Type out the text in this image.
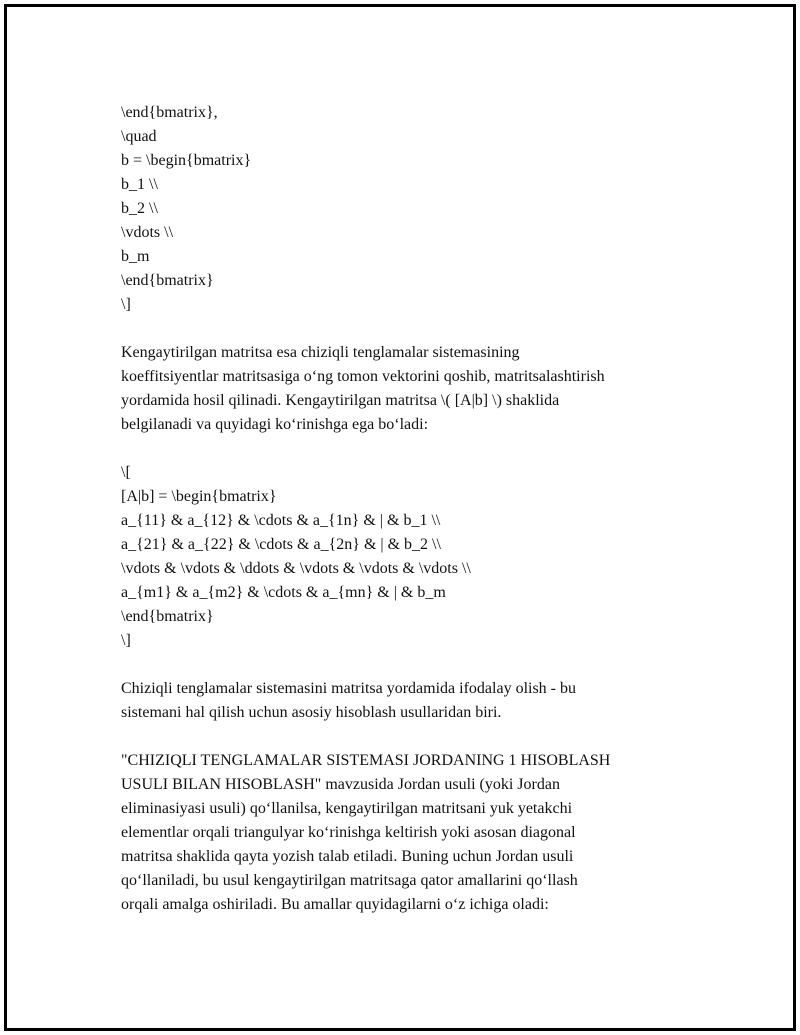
\end{bmatrix},
\quad
b = \begin{bmatrix}
b_1 \\
b_2 \\
\vdots \\
b_m
\end{bmatrix}
\]
Kengaytirilgan matritsa esa chiziqli tenglamalar sistemasining
koeffitsiyentlar matritsasiga oʻng tomon vektorini qoshib, matritsalashtirish
yordamida hosil qilinadi. Kengaytirilgan matritsa \( [A|b] \) shaklida
belgilanadi va quyidagi koʻrinishga ega boʻladi:
\[
[A|b] = \begin{bmatrix}
a_{11} & a_{12} & \cdots & a_{1n} & | & b_1 \\
a_{21} & a_{22} & \cdots & a_{2n} & | & b_2 \\
\vdots & \vdots & \ddots & \vdots & \vdots & \vdots \\
a_{m1} & a_{m2} & \cdots & a_{mn} & | & b_m
\end{bmatrix}
\]
Chiziqli tenglamalar sistemasini matritsa yordamida ifodalay olish - bu
sistemani hal qilish uchun asosiy hisoblash usullaridan biri.
"CHIZIQLI TENGLAMALAR SISTEMASI JORDANING 1 HISOBLASH
USULI BILAN HISOBLASH" mavzusida Jordan usuli (yoki Jordan
eliminasiyasi usuli) qoʻllanilsa, kengaytirilgan matritsani yuk yetakchi
elementlar orqali triangulyar koʻrinishga keltirish yoki asosan diagonal
matritsa shaklida qayta yozish talab etiladi. Buning uchun Jordan usuli
qoʻllaniladi, bu usul kengaytirilgan matritsaga qator amallarini qoʻllash
orqali amalga oshiriladi. Bu amallar quyidagilarni oʻz ichiga oladi:
